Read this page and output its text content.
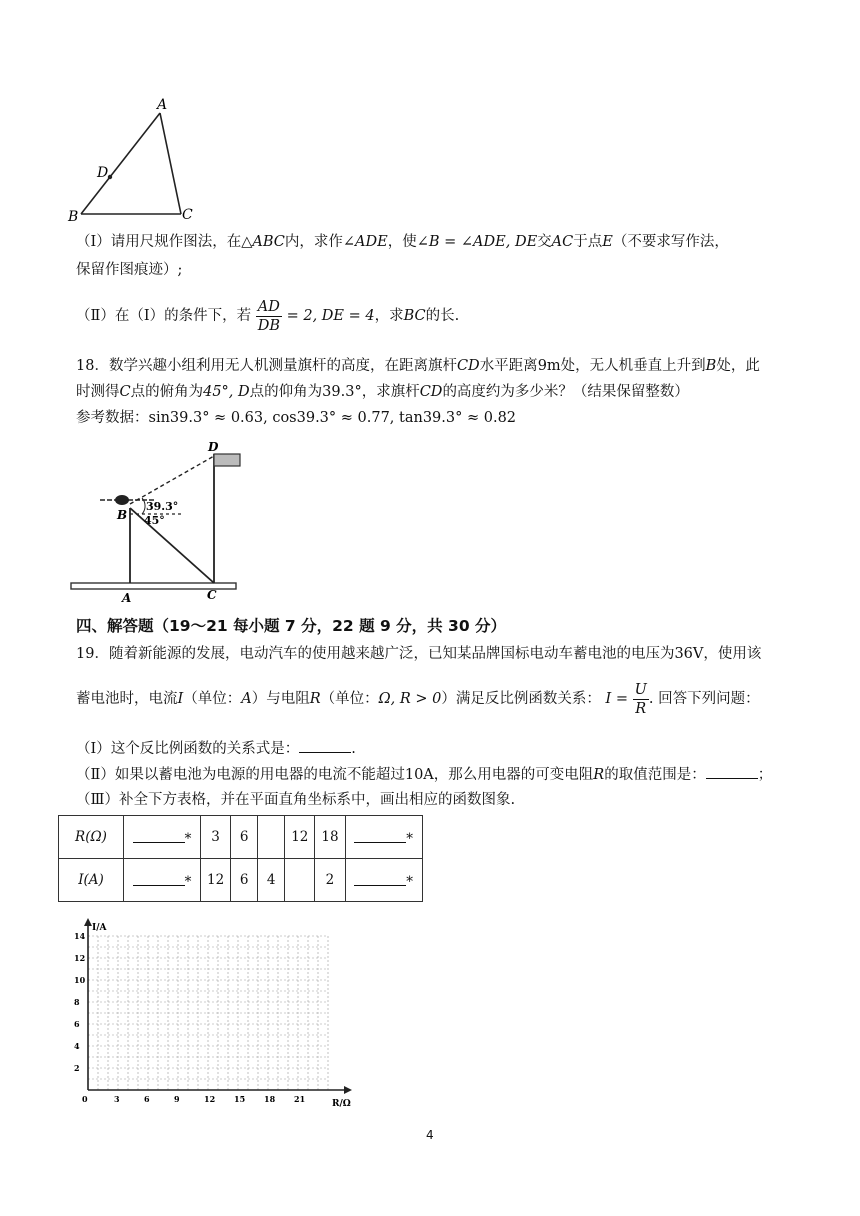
A
D
B	C
（Ⅰ）请用尺规作图法，在△ABC内，求作∠ADE，使∠B = ∠ADE, DE交AC于点E（不要求写作法，
保留作图痕迹）;
（Ⅱ）在（Ⅰ）的条件下，若 $\frac{AD}{DB} = 2$, DE = 4，求BC的长.
18．数学兴趣小组利用无人机测量旗杆的高度，在距离旗杆CD水平距离9m处，无人机垂直上升到B处，此
时测得C点的俯角为45°, D点的仰角为39.3°，求旗杆CD的高度约为多少米？（结果保留整数）
参考数据：sin39.3° ≈ 0.63, cos39.3° ≈ 0.77, tan39.3° ≈ 0.82
D
B
A	C
39.3°
45°
四、解答题（19～21 每小题 7 分，22 题 9 分，共 30 分）
19．随着新能源的发展，电动汽车的使用越来越广泛，已知某品牌国标电动车蓄电池的电压为36V，使用该
蓄电池时，电流I（单位：A）与电阻R（单位：Ω, R > 0）满足反比例函数关系： $I = \frac{U}{R}$ . 回答下列问题：
（Ⅰ）这个反比例函数的关系式是：	.
（Ⅱ）如果以蓄电池为电源的用电器的电流不能超过10A，那么用电器的可变电阻R的取值范围是：	；
（Ⅲ）补全下方表格，并在平面直角坐标系中，画出相应的函数图象.
R(Ω)	*	3	6		12	18	*
I(A)	*	12	6	4		2	*
I/A
R/Ω
2
4
6
8
10
12
14
0	3	6	9	12 15 18 21
4
